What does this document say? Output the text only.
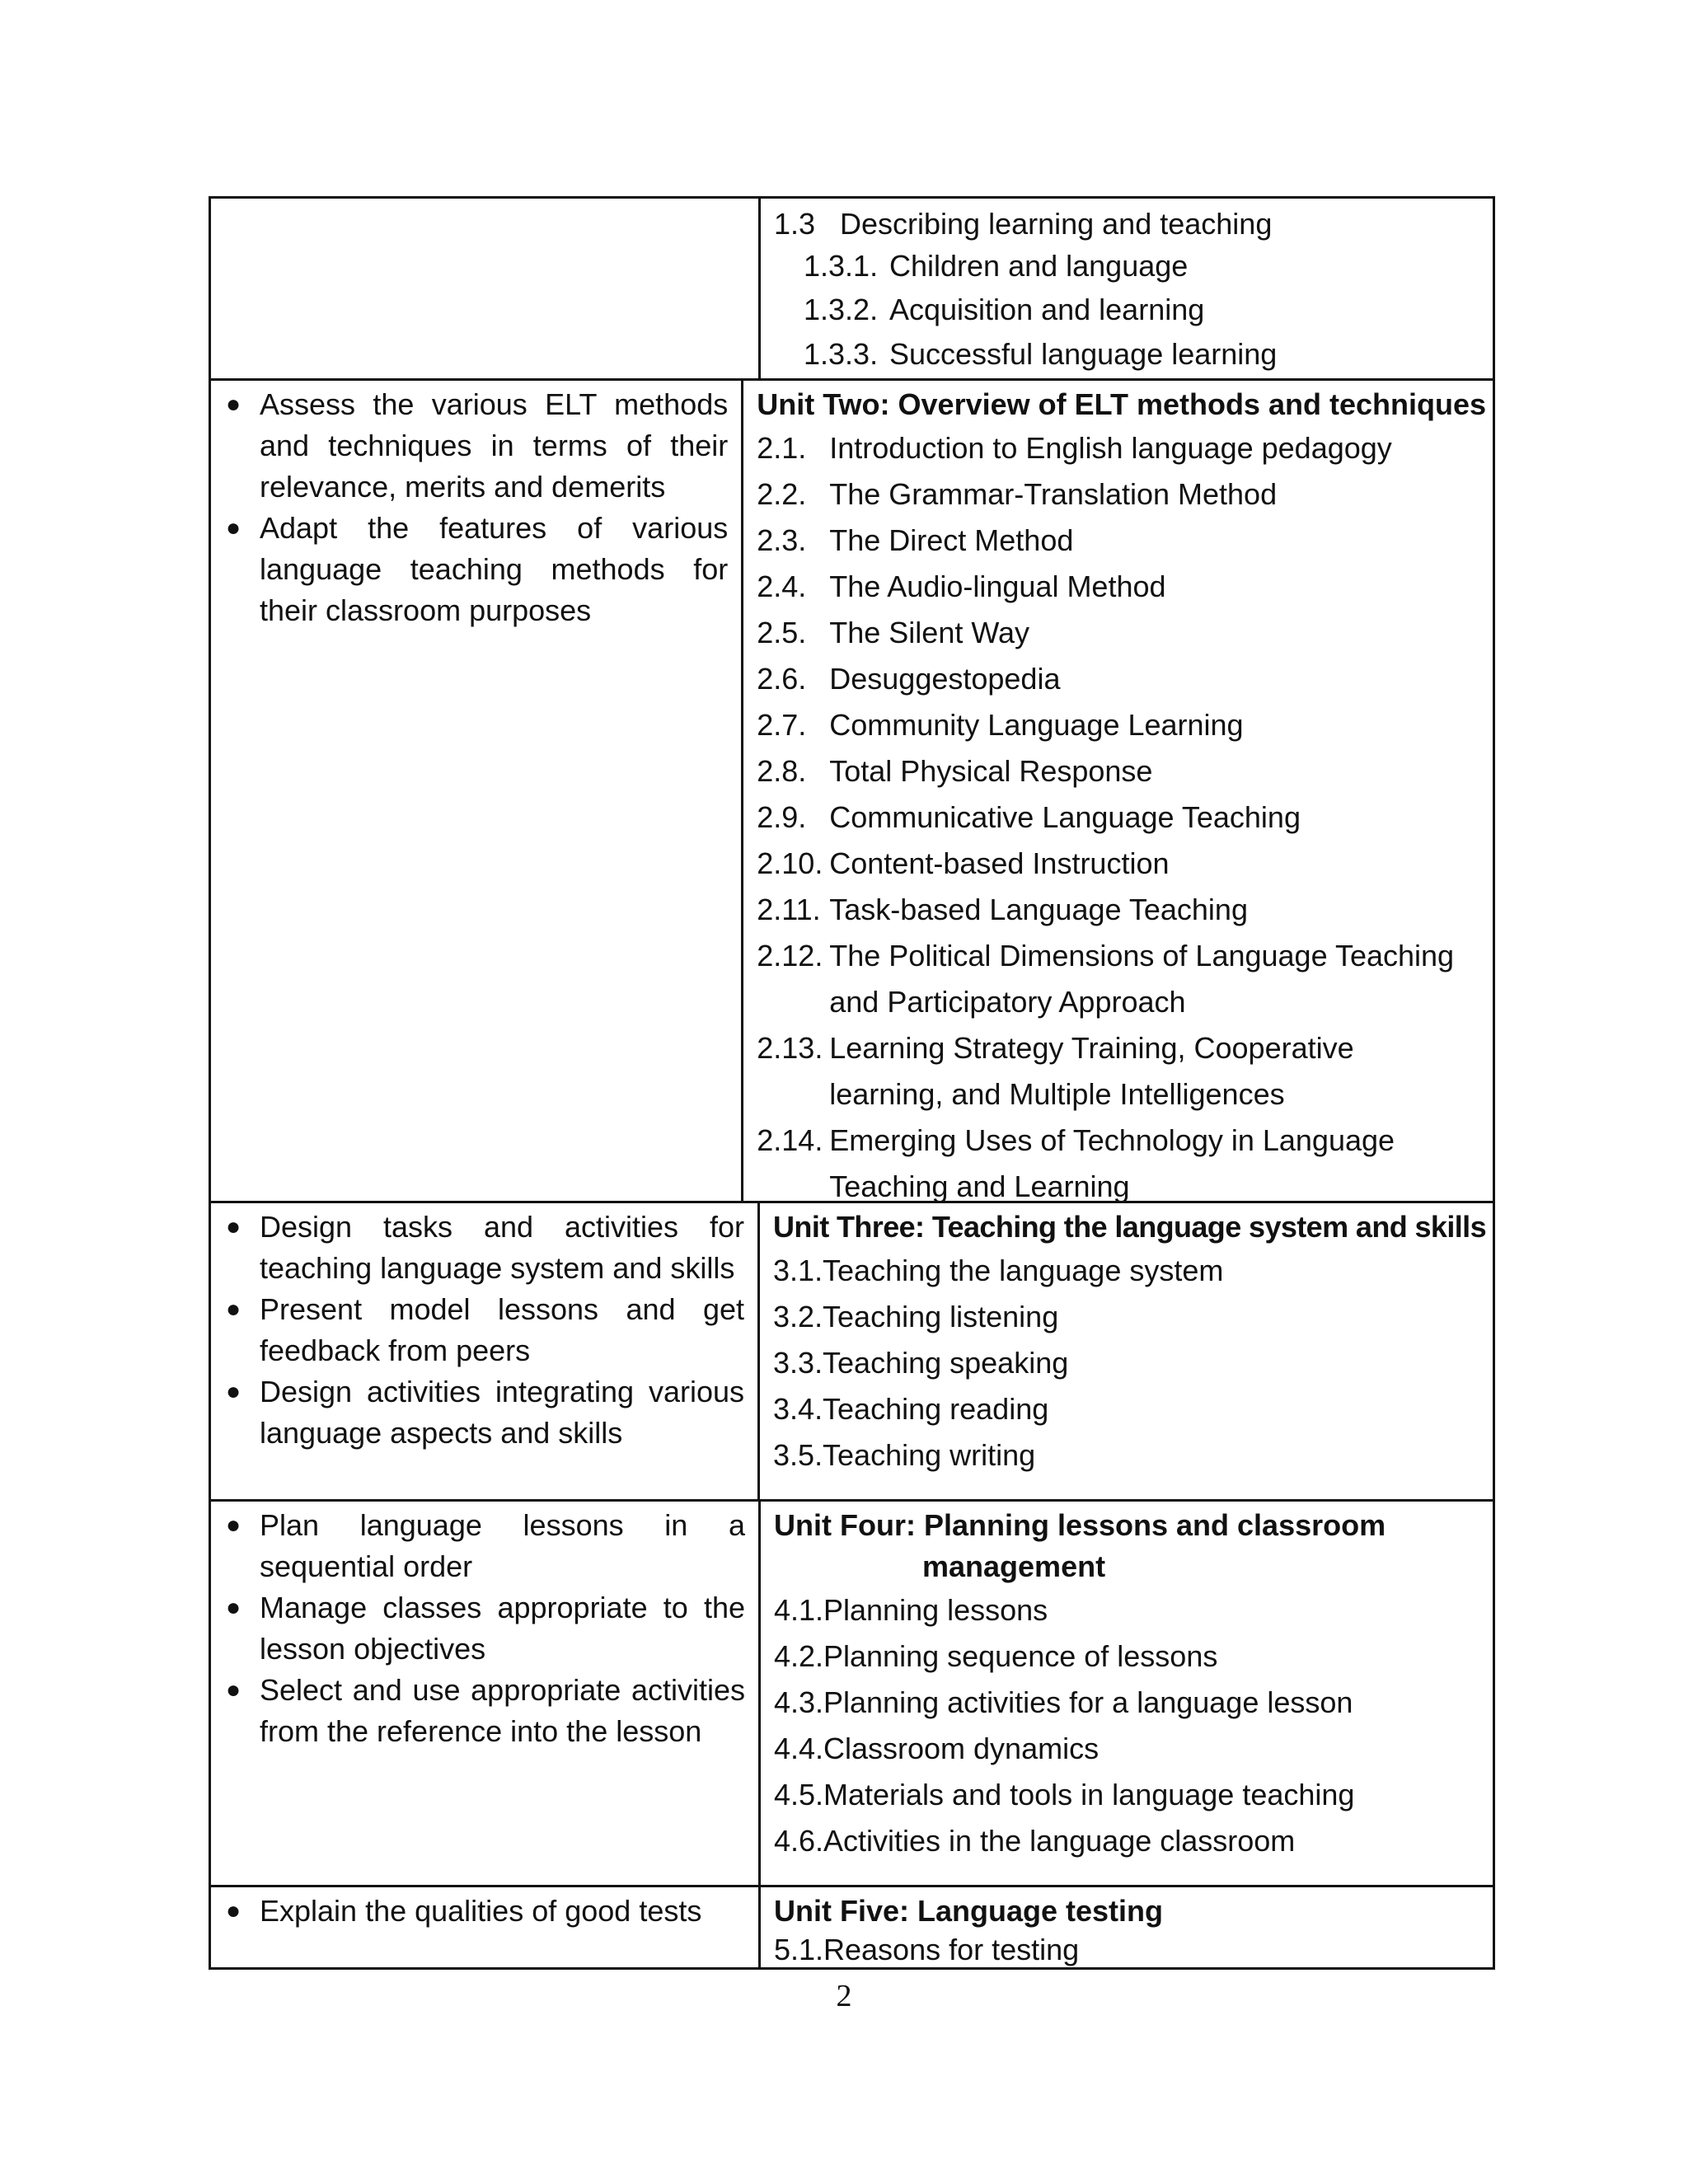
1.3 Describing learning and teaching
1.3.1. Children and language
1.3.2. Acquisition and learning
1.3.3. Successful language learning
● Assess the various ELT methods and techniques in terms of their relevance, merits and demerits
● Adapt the features of various language teaching methods for their classroom purposes
Unit Two: Overview of ELT methods and techniques
2.1. Introduction to English language pedagogy
2.2. The Grammar-Translation Method
2.3. The Direct Method
2.4. The Audio-lingual Method
2.5. The Silent Way
2.6. Desuggestopedia
2.7. Community Language Learning
2.8. Total Physical Response
2.9. Communicative Language Teaching
2.10. Content-based Instruction
2.11. Task-based Language Teaching
2.12. The Political Dimensions of Language Teaching
and Participatory Approach
2.13. Learning Strategy Training, Cooperative
learning, and Multiple Intelligences
2.14. Emerging Uses of Technology in Language
Teaching and Learning
● Design tasks and activities for teaching language system and skills
● Present model lessons and get feedback from peers
● Design activities integrating various language aspects and skills
Unit Three: Teaching the language system and skills
3.1. Teaching the language system
3.2. Teaching listening
3.3. Teaching speaking
3.4. Teaching reading
3.5. Teaching writing
● Plan language lessons in a sequential order
● Manage classes appropriate to the lesson objectives
● Select and use appropriate activities from the reference into the lesson
Unit Four: Planning lessons and classroom
management
4.1. Planning lessons
4.2. Planning sequence of lessons
4.3. Planning activities for a language lesson
4.4. Classroom dynamics
4.5. Materials and tools in language teaching
4.6. Activities in the language classroom
● Explain the qualities of good tests	Unit Five: Language testing
5.1. Reasons for testing
2
